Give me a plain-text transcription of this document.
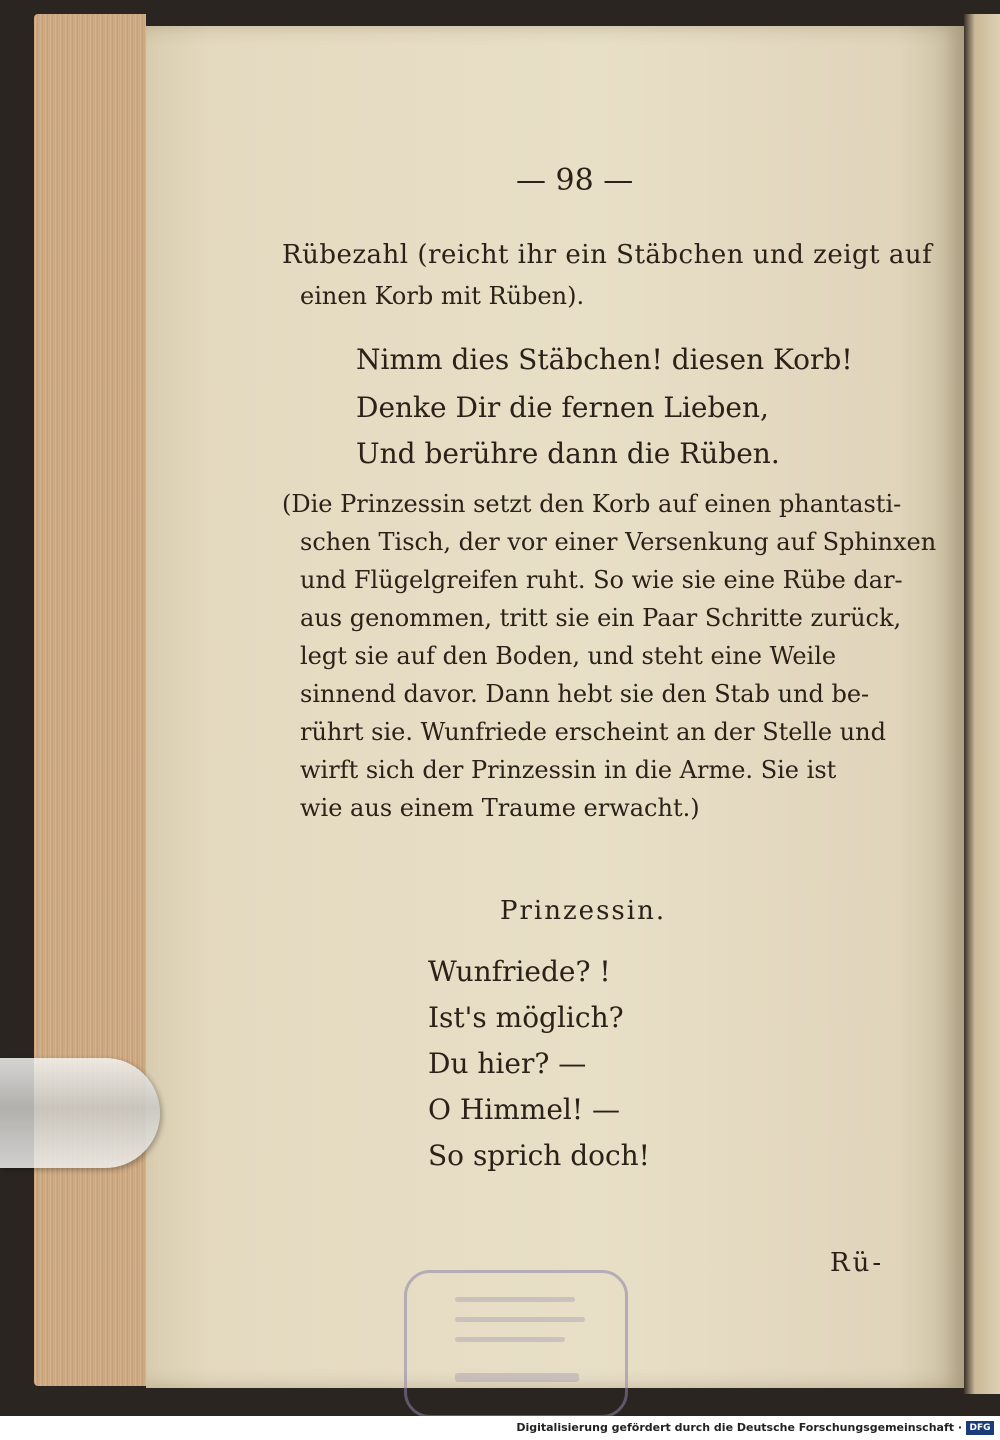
— 98 —
Rübezahl (reicht ihr ein Stäbchen und zeigt auf
einen Korb mit Rüben).
Nimm dies Stäbchen! diesen Korb!
Denke Dir die fernen Lieben,
Und berühre dann die Rüben.
(Die Prinzessin setzt den Korb auf einen phantasti-
schen Tisch, der vor einer Versenkung auf Sphinxen
und Flügelgreifen ruht. So wie sie eine Rübe dar-
aus genommen, tritt sie ein Paar Schritte zurück,
legt sie auf den Boden, und steht eine Weile
sinnend davor. Dann hebt sie den Stab und be-
rührt sie. Wunfriede erscheint an der Stelle und
wirft sich der Prinzessin in die Arme. Sie ist
wie aus einem Traume erwacht.)
Prinzessin.
Wunfriede? !
Ist's möglich?
Du hier? —
O Himmel! —
So sprich doch!
Rü-
Digitalisierung gefördert durch die Deutsche Forschungsgemeinschaft · DFG
